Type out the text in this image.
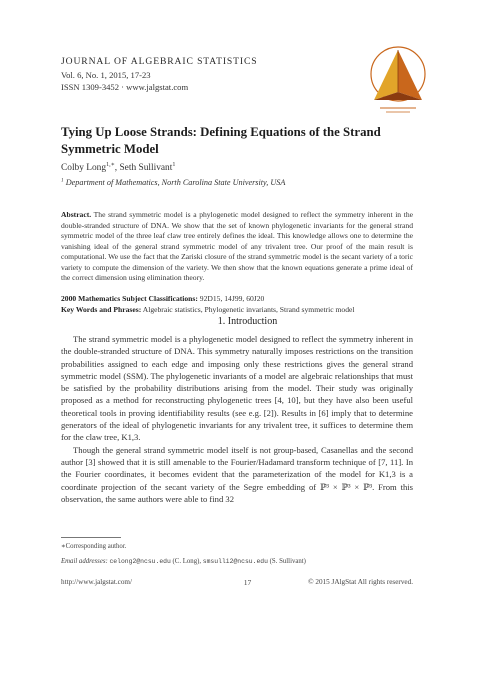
JOURNAL OF ALGEBRAIC STATISTICS
Vol. 6, No. 1, 2015, 17-23
ISSN 1309-3452 · www.jalgstat.com
Tying Up Loose Strands: Defining Equations of the Strand Symmetric Model
Colby Long$^{1,∗}$, Seth Sullivant$^1$
$^1$ Department of Mathematics, North Carolina State University, USA
Abstract. The strand symmetric model is a phylogenetic model designed to reflect the symmetry inherent in the double-stranded structure of DNA. We show that the set of known phylogenetic invariants for the general strand symmetric model of the three leaf claw tree entirely defines the ideal. This knowledge allows one to determine the vanishing ideal of the general strand symmetric model of any trivalent tree. Our proof of the main result is computational. We use the fact that the Zariski closure of the strand symmetric model is the secant variety of a toric variety to compute the dimension of the variety. We then show that the known equations generate a prime ideal of the correct dimension using elimination theory.
2000 Mathematics Subject Classifications: 92D15, 14J99, 60J20
Key Words and Phrases: Algebraic statistics, Phylogenetic invariants, Strand symmetric model
1. Introduction

The strand symmetric model is a phylogenetic model designed to reflect the symmetry inherent in the double-stranded structure of DNA. This symmetry naturally imposes restrictions on the transition probabilities assigned to each edge and imposing only these restrictions gives the general strand symmetric model (SSM). The phylogenetic invariants of a model are algebraic relationships that must be satisfied by the probability distributions arising from the model. Their study was originally proposed as a method for reconstructing phylogenetic trees [4, 10], but they have also been useful theoretical tools in proving identifiability results (see e.g. [2]). Results in [6] imply that to determine generators of the ideal of phylogenetic invariants for any trivalent tree, it suffices to determine them for the claw tree, K1,3.

Though the general strand symmetric model itself is not group-based, Casanellas and the second author [3] showed that it is still amenable to the Fourier/Hadamard transform technique of [7, 11]. In the Fourier coordinates, it becomes evident that the parameterization of the model for K1,3 is a coordinate projection of the secant variety of the Segre embedding of ℙ³ × ℙ³ × ℙ³. From this observation, the same authors were able to find 32

∗Corresponding author.
Email addresses: celong2@ncsu.edu (C. Long), smsulli2@ncsu.edu (S. Sullivant)
http://www.jalgstat.com/	17	© 2015 JAlgStat All rights reserved.
